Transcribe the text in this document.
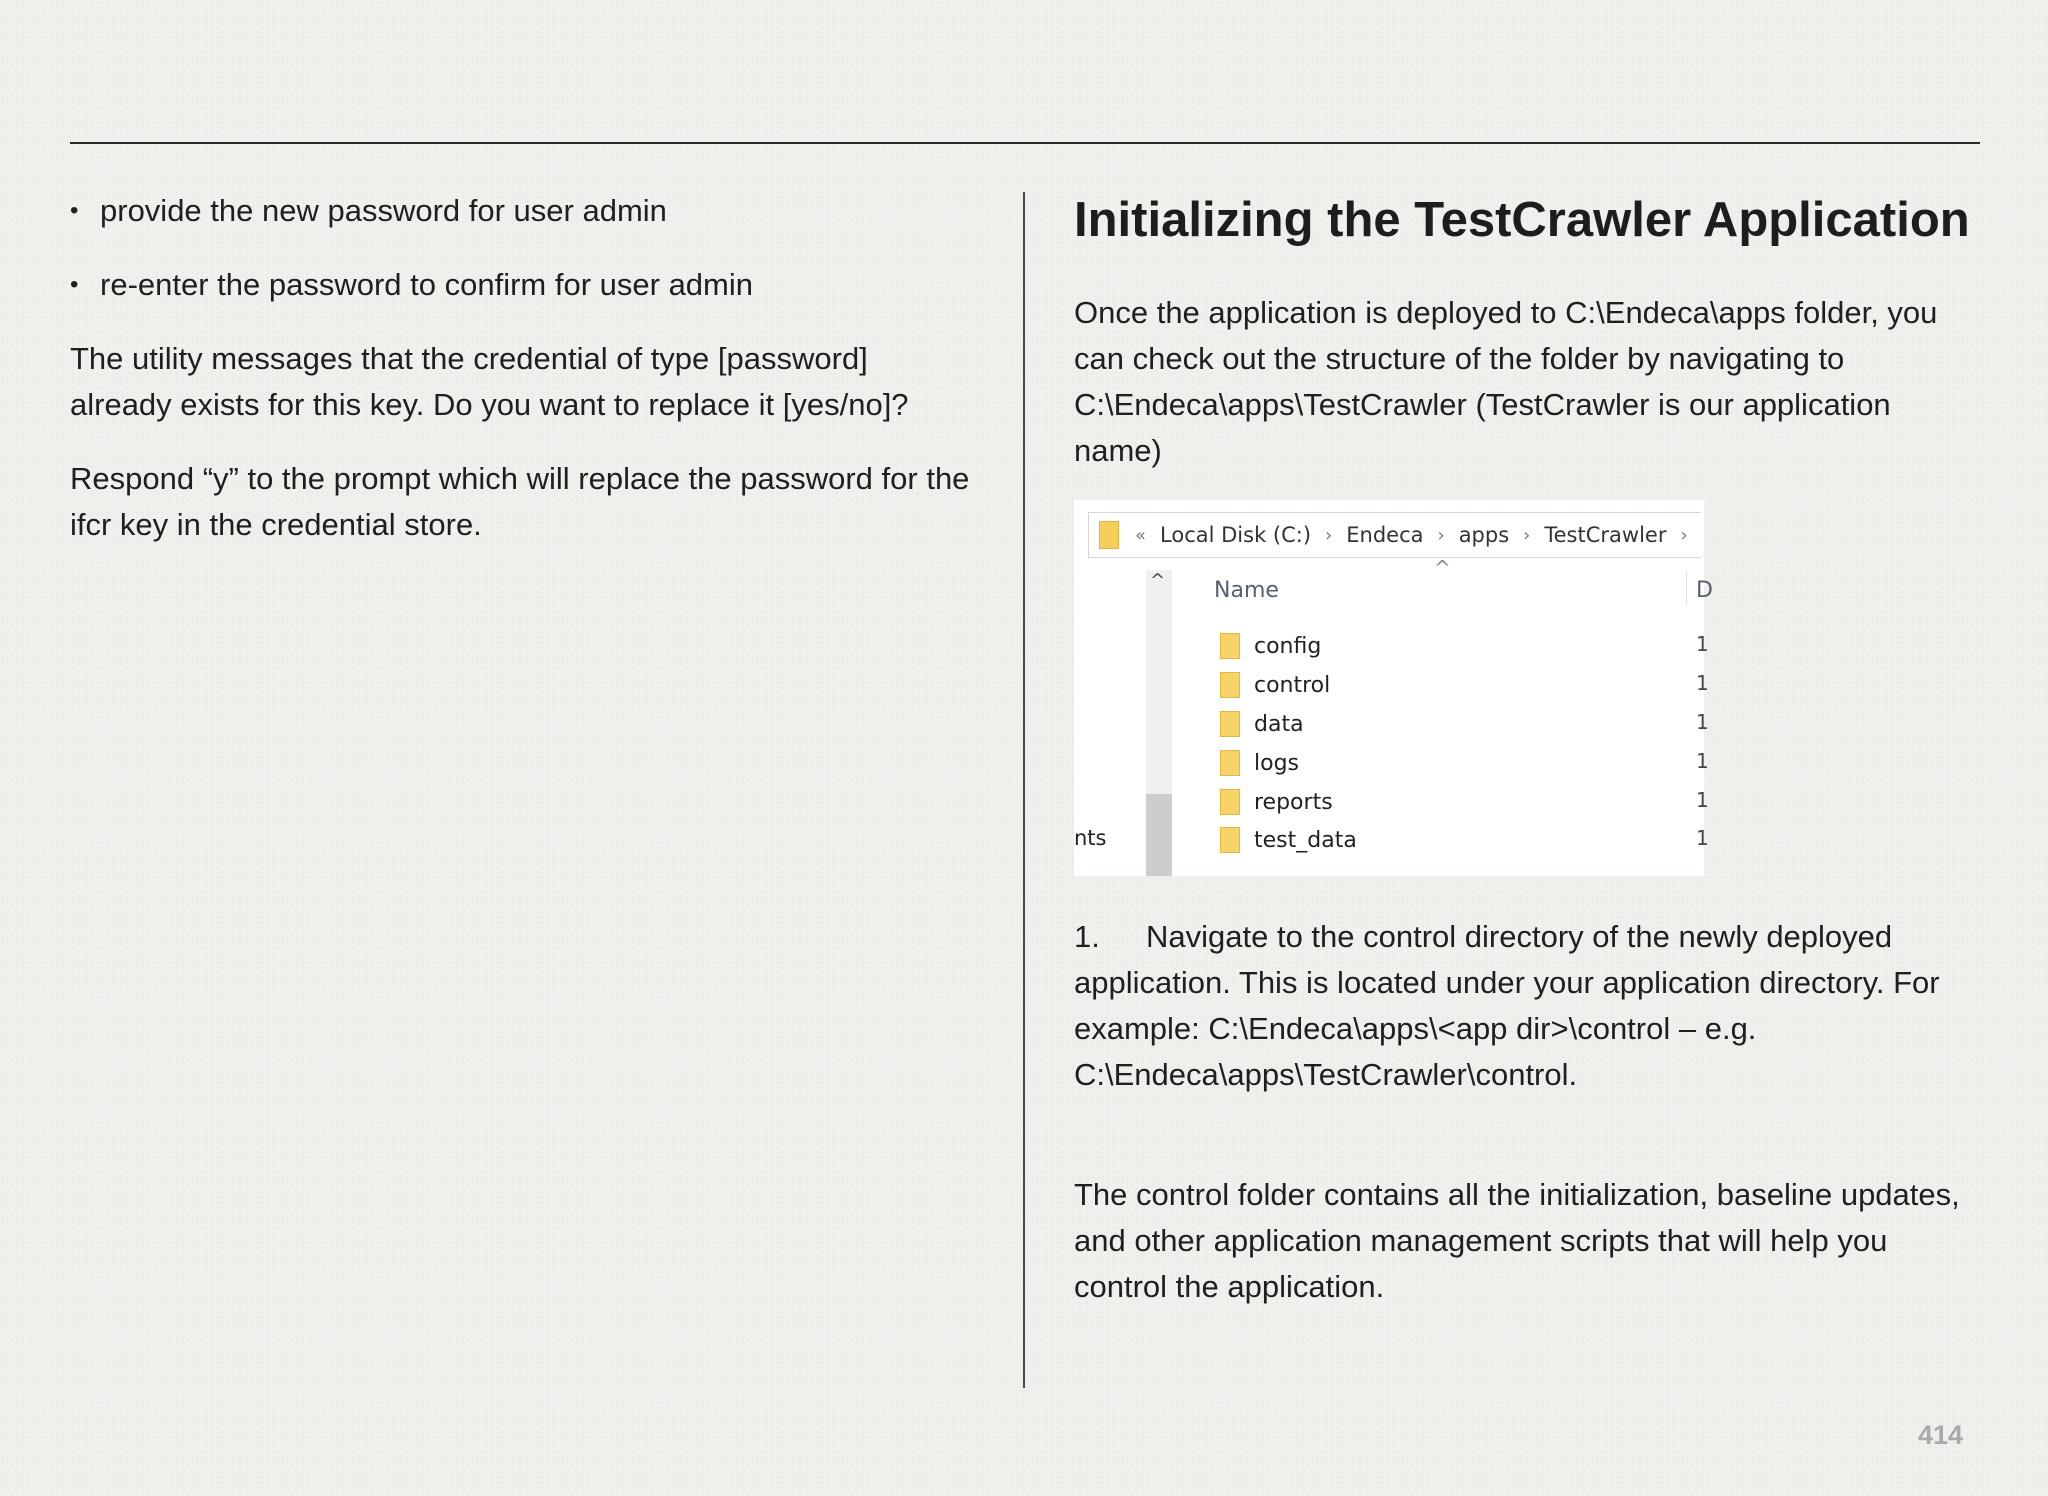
• provide the new password for user admin
• re-enter the password to confirm for user admin

The utility messages that the credential of type [password] already exists for this key. Do you want to replace it [yes/no]?

Respond “y” to the prompt which will replace the password for the ifcr key in the credential store.

Initializing the TestCrawler Application

Once the application is deployed to C:\Endeca\apps folder, you can check out the structure of the folder by navigating to C:\Endeca\apps\TestCrawler (TestCrawler is our application name)

« Local Disk (C:) › Endeca › apps › TestCrawler ›
^
^
nts
Name	D
config	1
control	1
data	1
logs	1
reports	1
test_data	1

1. Navigate to the control directory of the newly deployed application. This is located under your application directory. For example: C:\Endeca\apps\<app dir>\control – e.g. C:\Endeca\apps\TestCrawler\control.

The control folder contains all the initialization, baseline updates, and other application management scripts that will help you control the application.

414
